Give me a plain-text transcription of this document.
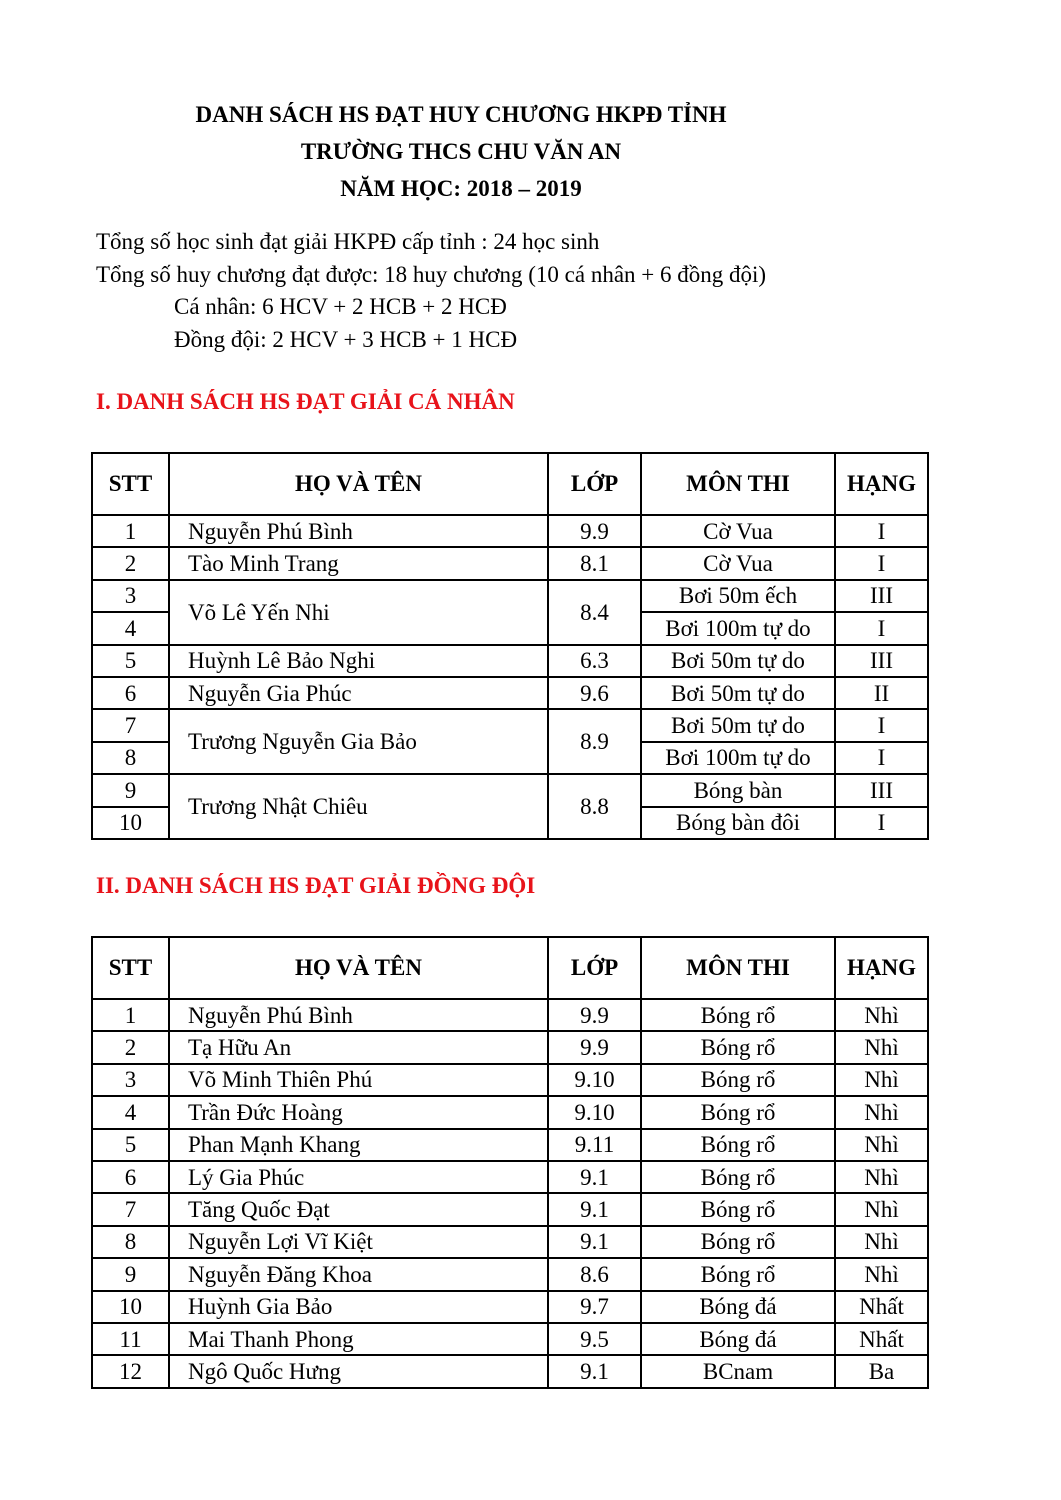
DANH SÁCH HS ĐẠT HUY CHƯƠNG HKPĐ TỈNH
TRƯỜNG THCS CHU VĂN AN
NĂM HỌC: 2018 – 2019
Tổng số học sinh đạt giải HKPĐ cấp tỉnh : 24 học sinh
Tổng số huy chương đạt được: 18 huy chương (10 cá nhân + 6 đồng đội)
Cá nhân: 6 HCV + 2 HCB + 2 HCĐ
Đồng đội: 2 HCV + 3 HCB + 1 HCĐ
I. DANH SÁCH HS ĐẠT GIẢI CÁ NHÂN
STT	HỌ VÀ TÊN	LỚP	MÔN THI	HẠNG
1	Nguyễn Phú Bình	9.9	Cờ Vua	I
2	Tào Minh Trang	8.1	Cờ Vua	I
3	Võ Lê Yến Nhi	8.4	Bơi 50m ếch	III
4			Bơi 100m tự do	I
5	Huỳnh Lê Bảo Nghi	6.3	Bơi 50m tự do	III
6	Nguyễn Gia Phúc	9.6	Bơi 50m tự do	II
7	Trương Nguyễn Gia Bảo	8.9	Bơi 50m tự do	I
8			Bơi 100m tự do	I
9	Trương Nhật Chiêu	8.8	Bóng bàn	III
10			Bóng bàn đôi	I
II. DANH SÁCH HS ĐẠT GIẢI ĐỒNG ĐỘI
STT	HỌ VÀ TÊN	LỚP	MÔN THI	HẠNG
1	Nguyễn Phú Bình	9.9	Bóng rổ	Nhì
2	Tạ Hữu An	9.9	Bóng rổ	Nhì
3	Võ Minh Thiên Phú	9.10	Bóng rổ	Nhì
4	Trần Đức Hoàng	9.10	Bóng rổ	Nhì
5	Phan Mạnh Khang	9.11	Bóng rổ	Nhì
6	Lý Gia Phúc	9.1	Bóng rổ	Nhì
7	Tăng Quốc Đạt	9.1	Bóng rổ	Nhì
8	Nguyễn Lợi Vĩ Kiệt	9.1	Bóng rổ	Nhì
9	Nguyễn Đăng Khoa	8.6	Bóng rổ	Nhì
10	Huỳnh Gia Bảo	9.7	Bóng đá	Nhất
11	Mai Thanh Phong	9.5	Bóng đá	Nhất
12	Ngô Quốc Hưng	9.1	BCnam	Ba
